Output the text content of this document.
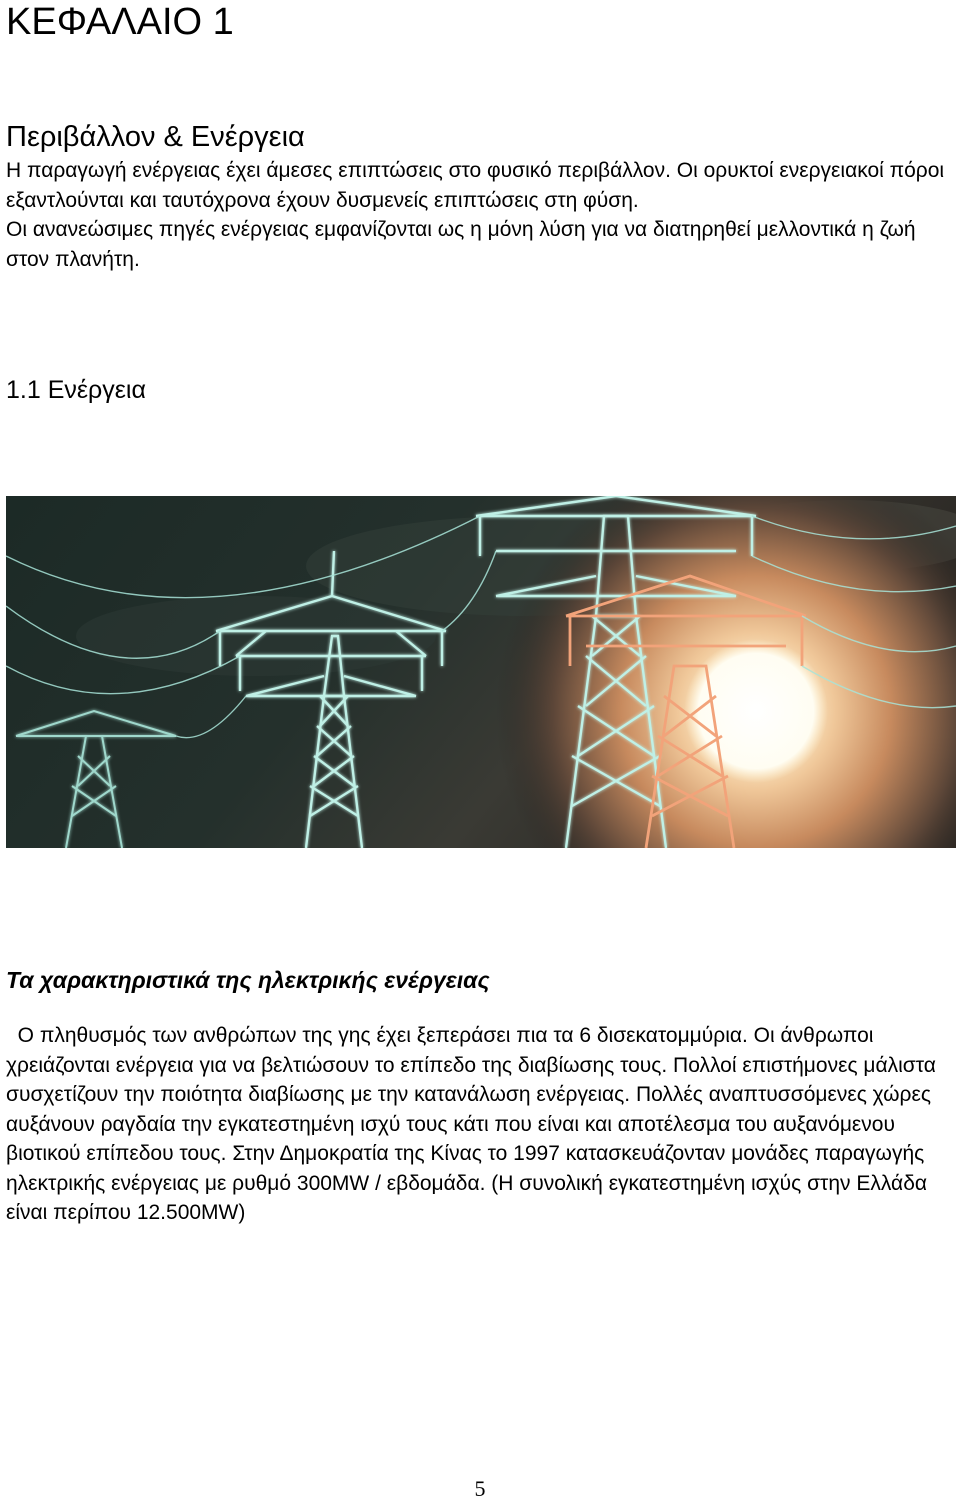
ΚΕΦΑΛΑΙΟ 1
Περιβάλλον & Ενέργεια

Η παραγωγή ενέργειας έχει άμεσες επιπτώσεις στο φυσικό περιβάλλον. Οι ορυκτοί ενεργειακοί πόροι εξαντλούνται και ταυτόχρονα έχουν δυσμενείς επιπτώσεις στη φύση.

Οι ανανεώσιμες πηγές ενέργειας εμφανίζονται ως η μόνη λύση για να διατηρηθεί μελλοντικά η ζωή στον πλανήτη.

1.1 Ενέργεια
Τα χαρακτηριστικά της ηλεκτρικής ενέργειας

Ο πληθυσμός των ανθρώπων της γης έχει ξεπεράσει πια τα 6 δισεκατομμύρια. Οι άνθρωποι χρειάζονται ενέργεια για να βελτιώσουν το επίπεδο της διαβίωσης τους. Πολλοί επιστήμονες μάλιστα συσχετίζουν την ποιότητα διαβίωσης με την κατανάλωση ενέργειας. Πολλές αναπτυσσόμενες χώρες αυξάνουν ραγδαία την εγκατεστημένη ισχύ τους κάτι που είναι και αποτέλεσμα του αυξανόμενου βιοτικού επίπεδου τους. Στην Δημοκρατία της Κίνας το 1997 κατασκευάζονταν μονάδες παραγωγής ηλεκτρικής ενέργειας με ρυθμό 300MW / εβδομάδα. (Η συνολική εγκατεστημένη ισχύς στην Ελλάδα  είναι περίπου 12.500MW)

5
